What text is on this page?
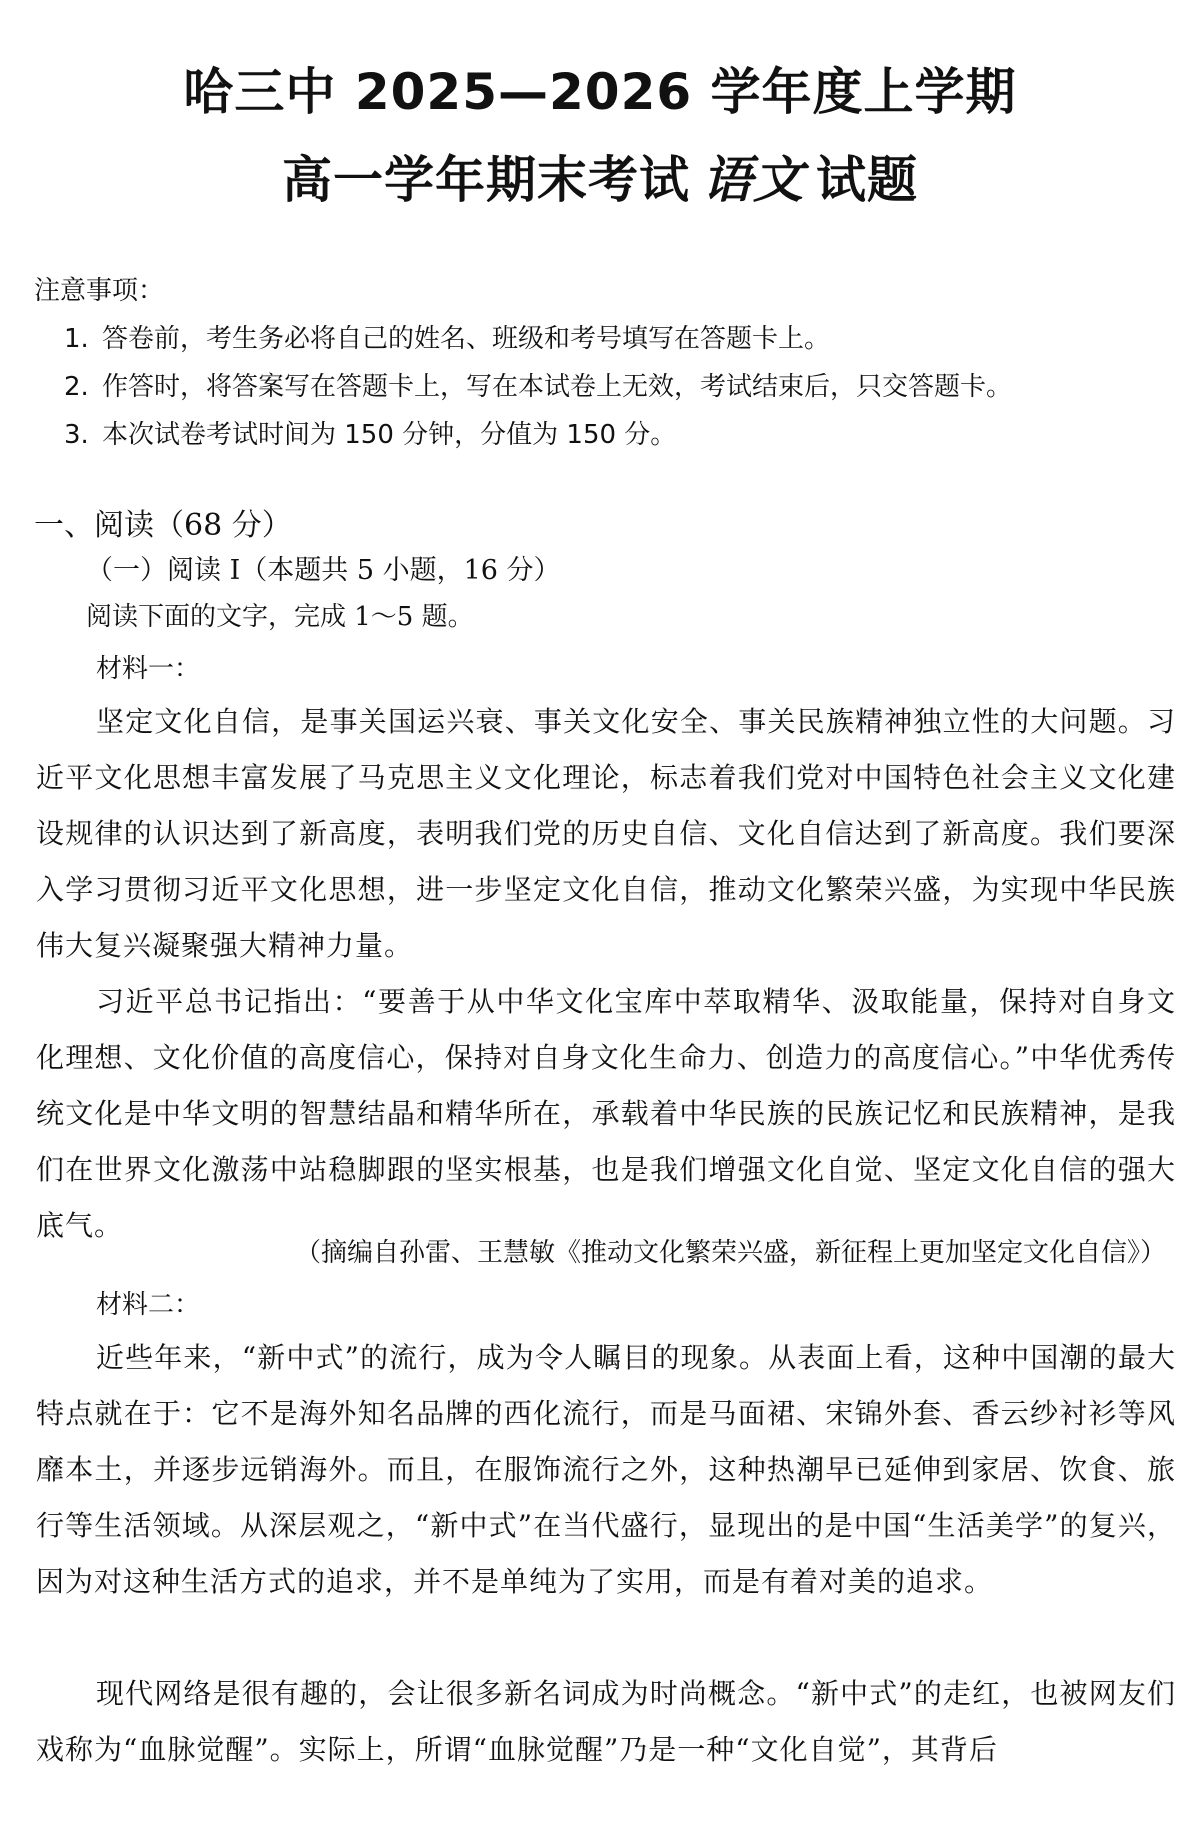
哈三中 2025—2026 学年度上学期
高一学年期末考试 语文 试题
注意事项：
1. 答卷前，考生务必将自己的姓名、班级和考号填写在答题卡上。
2. 作答时，将答案写在答题卡上，写在本试卷上无效，考试结束后，只交答题卡。
3. 本次试卷考试时间为 150 分钟，分值为 150 分。
一、阅读（68 分）
（一）阅读 I（本题共 5 小题，16 分）
阅读下面的文字，完成 1～5 题。
材料一：

坚定文化自信，是事关国运兴衰、事关文化安全、事关民族精神独立性的大问题。习近平文化思想丰富发展了马克思主义文化理论，标志着我们党对中国特色社会主义文化建设规律的认识达到了新高度，表明我们党的历史自信、文化自信达到了新高度。我们要深入学习贯彻习近平文化思想，进一步坚定文化自信，推动文化繁荣兴盛，为实现中华民族伟大复兴凝聚强大精神力量。

习近平总书记指出：“要善于从中华文化宝库中萃取精华、汲取能量，保持对自身文化理想、文化价值的高度信心，保持对自身文化生命力、创造力的高度信心。”中华优秀传统文化是中华文明的智慧结晶和精华所在，承载着中华民族的民族记忆和民族精神，是我们在世界文化激荡中站稳脚跟的坚实根基，也是我们增强文化自觉、坚定文化自信的强大底气。

（摘编自孙雷、王慧敏《推动文化繁荣兴盛，新征程上更加坚定文化自信》）
材料二：

近些年来，“新中式”的流行，成为令人瞩目的现象。从表面上看，这种中国潮的最大特点就在于：它不是海外知名品牌的西化流行，而是马面裙、宋锦外套、香云纱衬衫等风靡本土，并逐步远销海外。而且，在服饰流行之外，这种热潮早已延伸到家居、饮食、旅行等生活领域。从深层观之，“新中式”在当代盛行，显现出的是中国“生活美学”的复兴，因为对这种生活方式的追求，并不是单纯为了实用，而是有着对美的追求。

现代网络是很有趣的，会让很多新名词成为时尚概念。“新中式”的走红，也被网友们戏称为“血脉觉醒”。实际上，所谓“血脉觉醒”乃是一种“文化自觉”，其背后
